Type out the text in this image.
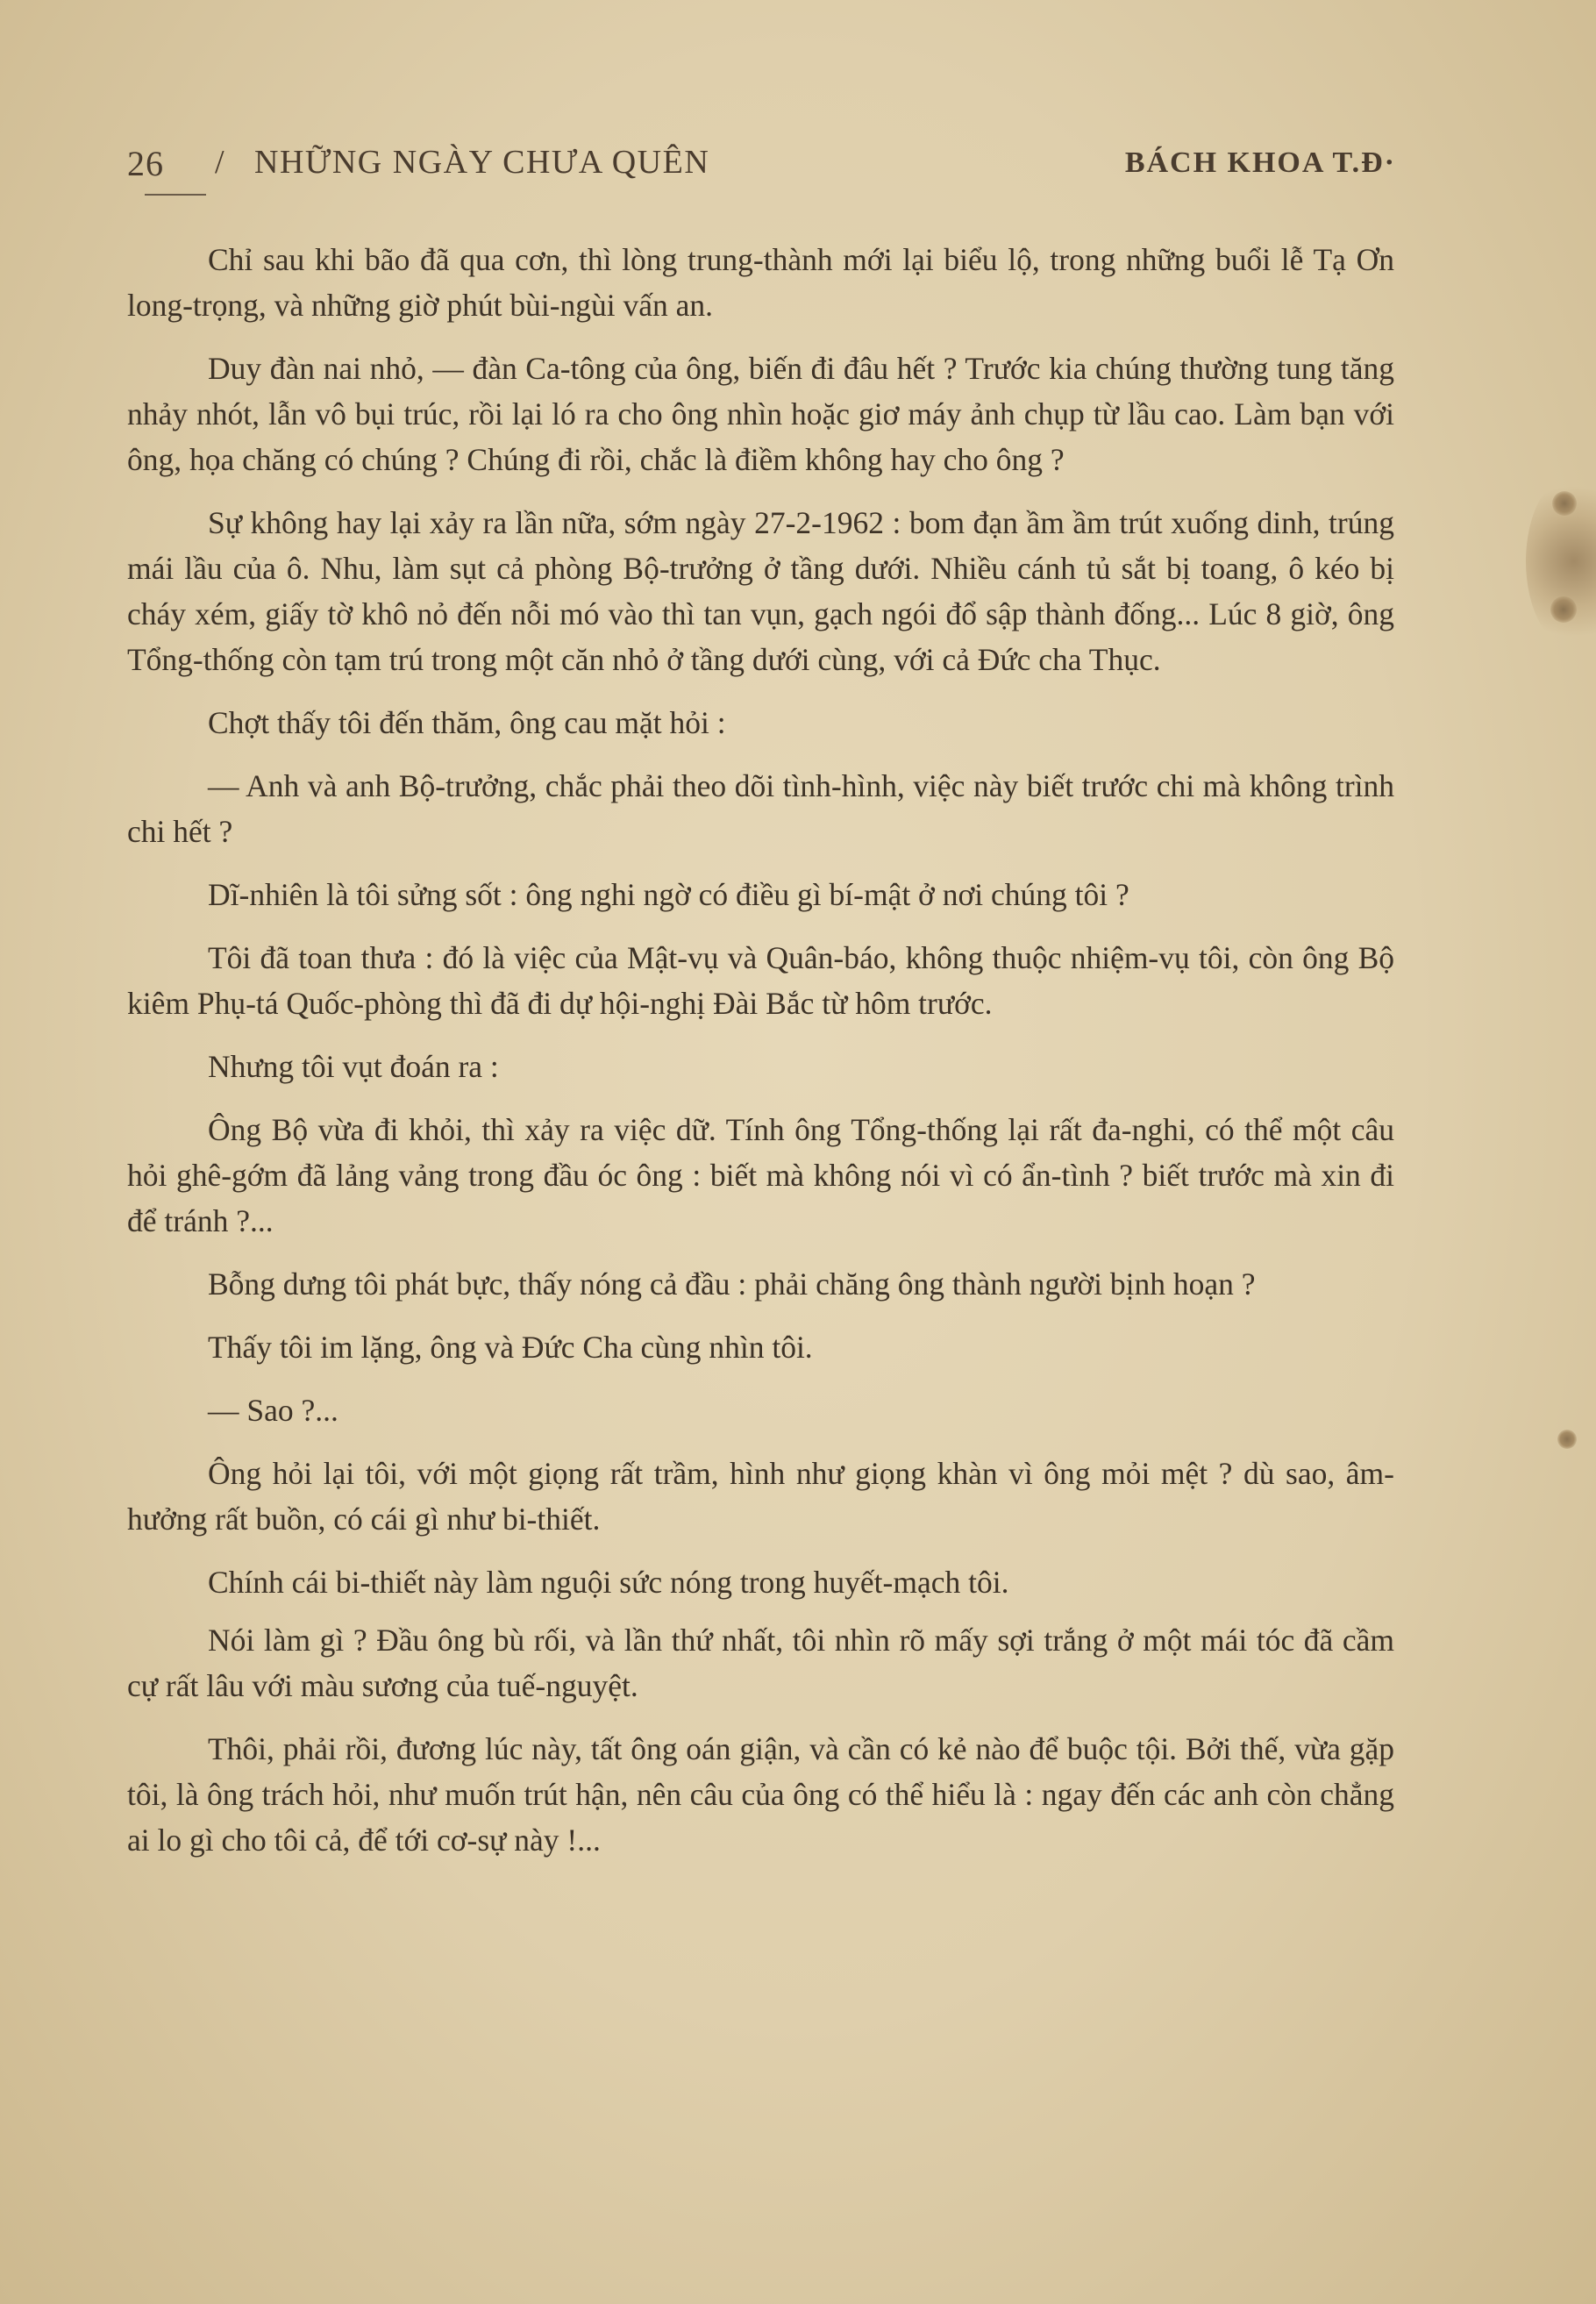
26 / NHỮNG NGÀY CHƯA QUÊN	BÁCH KHOA T.Đ·

Chỉ sau khi bão đã qua cơn, thì lòng trung-thành mới lại biểu lộ, trong những buổi lễ Tạ Ơn long-trọng, và những giờ phút bùi-ngùi vấn an.

Duy đàn nai nhỏ, — đàn Ca-tông của ông, biến đi đâu hết ? Trước kia chúng thường tung tăng nhảy nhót, lẫn vô bụi trúc, rồi lại ló ra cho ông nhìn hoặc giơ máy ảnh chụp từ lầu cao. Làm bạn với ông, họa chăng có chúng ? Chúng đi rồi, chắc là điềm không hay cho ông ?

Sự không hay lại xảy ra lần nữa, sớm ngày 27-2-1962 : bom đạn ầm ầm trút xuống dinh, trúng mái lầu của ô. Nhu, làm sụt cả phòng Bộ-trưởng ở tầng dưới. Nhiều cánh tủ sắt bị toang, ô kéo bị cháy xém, giấy tờ khô nỏ đến nỗi mó vào thì tan vụn, gạch ngói đổ sập thành đống... Lúc 8 giờ, ông Tổng-thống còn tạm trú trong một căn nhỏ ở tầng dưới cùng, với cả Đức cha Thục.

Chợt thấy tôi đến thăm, ông cau mặt hỏi :

— Anh và anh Bộ-trưởng, chắc phải theo dõi tình-hình, việc này biết trước chi mà không trình chi hết ?

Dĩ-nhiên là tôi sửng sốt : ông nghi ngờ có điều gì bí-mật ở nơi chúng tôi ?

Tôi đã toan thưa : đó là việc của Mật-vụ và Quân-báo, không thuộc nhiệm-vụ tôi, còn ông Bộ kiêm Phụ-tá Quốc-phòng thì đã đi dự hội-nghị Đài Bắc từ hôm trước.

Nhưng tôi vụt đoán ra :

Ông Bộ vừa đi khỏi, thì xảy ra việc dữ. Tính ông Tổng-thống lại rất đa-nghi, có thể một câu hỏi ghê-gớm đã lảng vảng trong đầu óc ông : biết mà không nói vì có ẩn-tình ? biết trước mà xin đi để tránh ?...

Bỗng dưng tôi phát bực, thấy nóng cả đầu : phải chăng ông thành người bịnh hoạn ?

Thấy tôi im lặng, ông và Đức Cha cùng nhìn tôi.

— Sao ?...

Ông hỏi lại tôi, với một giọng rất trầm, hình như giọng khàn vì ông mỏi mệt ? dù sao, âm-hưởng rất buồn, có cái gì như bi-thiết.

Chính cái bi-thiết này làm nguội sức nóng trong huyết-mạch tôi.

Nói làm gì ? Đầu ông bù rối, và lần thứ nhất, tôi nhìn rõ mấy sợi trắng ở một mái tóc đã cầm cự rất lâu với màu sương của tuế-nguyệt.

Thôi, phải rồi, đương lúc này, tất ông oán giận, và cần có kẻ nào để buộc tội. Bởi thế, vừa gặp tôi, là ông trách hỏi, như muốn trút hận, nên câu của ông có thể hiểu là : ngay đến các anh còn chẳng ai lo gì cho tôi cả, để tới cơ-sự này !...
